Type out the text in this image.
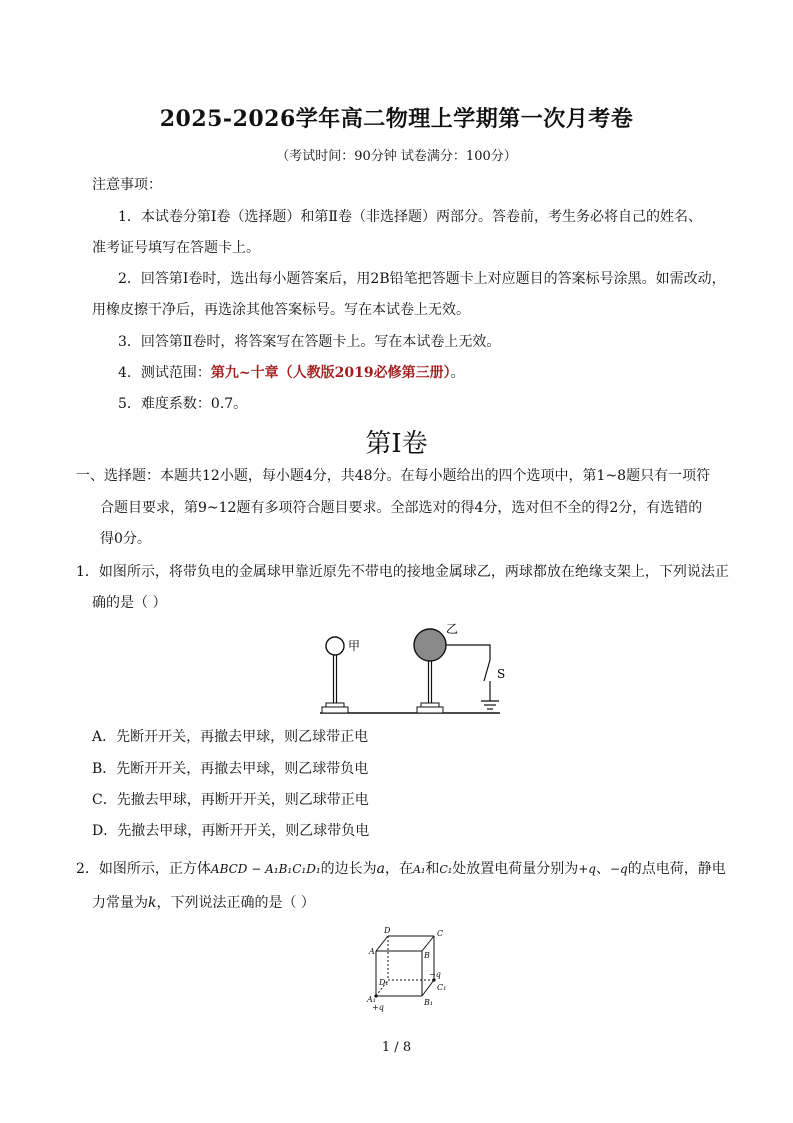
2025-2026学年高二物理上学期第一次月考卷
（考试时间：90分钟 试卷满分：100分）
注意事项：
1．本试卷分第Ⅰ卷（选择题）和第Ⅱ卷（非选择题）两部分。答卷前，考生务必将自己的姓名、
准考证号填写在答题卡上。
2．回答第Ⅰ卷时，选出每小题答案后，用2B铅笔把答题卡上对应题目的答案标号涂黑。如需改动，
用橡皮擦干净后，再选涂其他答案标号。写在本试卷上无效。
3．回答第Ⅱ卷时，将答案写在答题卡上。写在本试卷上无效。
4．测试范围：第九~十章（人教版2019必修第三册）。
5．难度系数：0.7。
第Ⅰ卷
一、选择题：本题共12小题，每小题4分，共48分。在每小题给出的四个选项中，第1~8题只有一项符
合题目要求，第9~12题有多项符合题目要求。全部选对的得4分，选对但不全的得2分，有选错的
得0分。
1．如图所示，将带负电的金属球甲靠近原先不带电的接地金属球乙，两球都放在绝缘支架上，下列说法正
确的是（ ）
甲
乙
S
A．先断开开关，再撤去甲球，则乙球带正电
B．先断开开关，再撤去甲球，则乙球带负电
C．先撤去甲球，再断开开关，则乙球带正电
D．先撤去甲球，再断开开关，则乙球带负电
2．如图所示，正方体ABCD − A₁B₁C₁D₁的边长为a，在A₁和C₁处放置电荷量分别为+q、−q的点电荷，静电
力常量为k，下列说法正确的是（ ）
D	C
A	B
D₁
C₁
A₁	B₁
+q
−q
1 / 8
